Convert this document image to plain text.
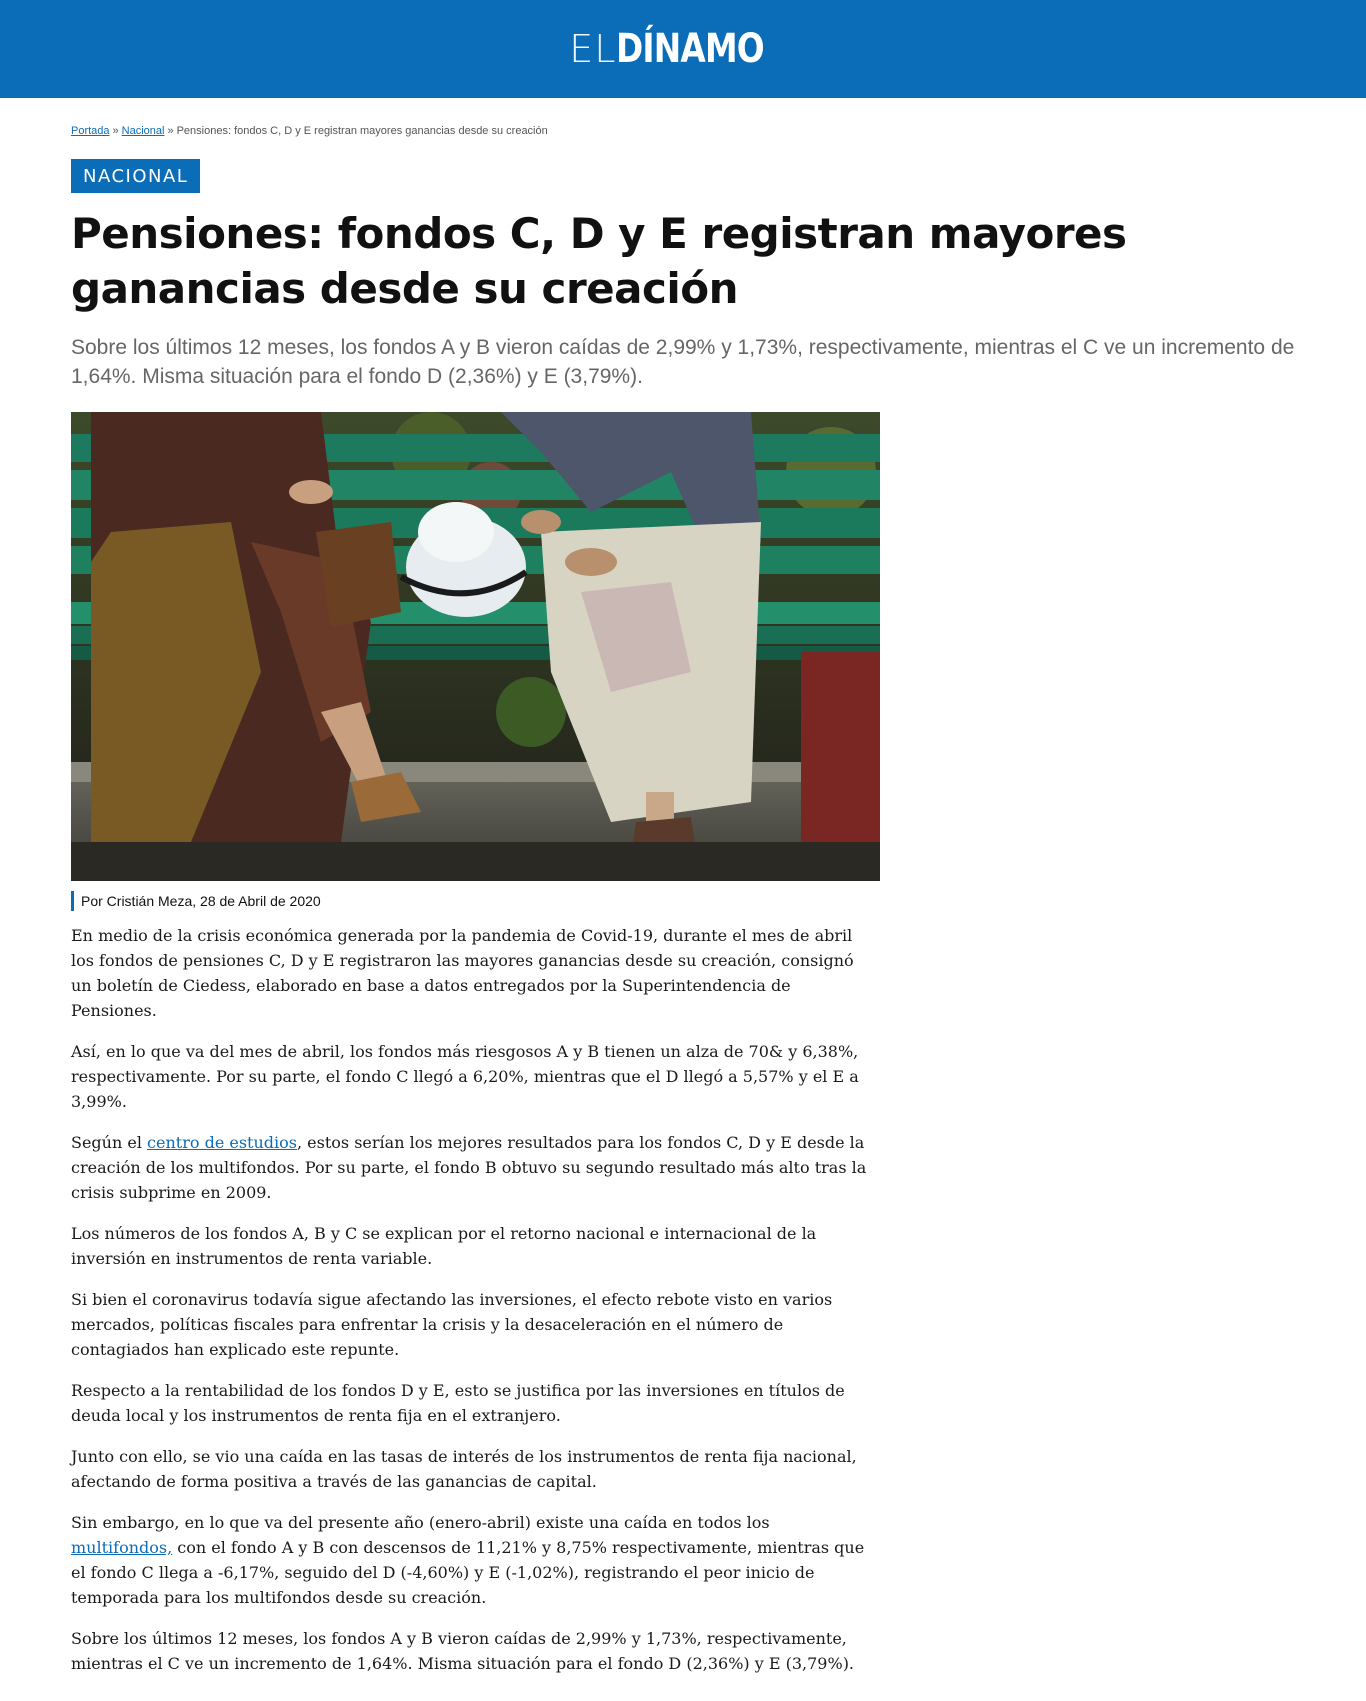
EL DÍNAMO
Portada » Nacional » Pensiones: fondos C, D y E registran mayores ganancias desde su creación
NACIONAL
Pensiones: fondos C, D y E registran mayores ganancias desde su creación

Sobre los últimos 12 meses, los fondos A y B vieron caídas de 2,99% y 1,73%, respectivamente, mientras el C ve un incremento de 1,64%. Misma situación para el fondo D (2,36%) y E (3,79%).

Por Cristián Meza, 28 de Abril de 2020

En medio de la crisis económica generada por la pandemia de Covid-19, durante el mes de abril los fondos de pensiones C, D y E registraron las mayores ganancias desde su creación, consignó un boletín de Ciedess, elaborado en base a datos entregados por la Superintendencia de Pensiones.

Así, en lo que va del mes de abril, los fondos más riesgosos A y B tienen un alza de 70& y 6,38%, respectivamente. Por su parte, el fondo C llegó a 6,20%, mientras que el D llegó a 5,57% y el E a 3,99%.

Según el centro de estudios, estos serían los mejores resultados para los fondos C, D y E desde la creación de los multifondos. Por su parte, el fondo B obtuvo su segundo resultado más alto tras la crisis subprime en 2009.

Los números de los fondos A, B y C se explican por el retorno nacional e internacional de la inversión en instrumentos de renta variable.

Si bien el coronavirus todavía sigue afectando las inversiones, el efecto rebote visto en varios mercados, políticas fiscales para enfrentar la crisis y la desaceleración en el número de contagiados han explicado este repunte.

Respecto a la rentabilidad de los fondos D y E, esto se justifica por las inversiones en títulos de deuda local y los instrumentos de renta fija en el extranjero.

Junto con ello, se vio una caída en las tasas de interés de los instrumentos de renta fija nacional, afectando de forma positiva a través de las ganancias de capital.

Sin embargo, en lo que va del presente año (enero-abril) existe una caída en todos los multifondos, con el fondo A y B con descensos de 11,21% y 8,75% respectivamente, mientras que el fondo C llega a -6,17%, seguido del D (-4,60%) y E (-1,02%), registrando el peor inicio de temporada para los multifondos desde su creación.

Sobre los últimos 12 meses, los fondos A y B vieron caídas de 2,99% y 1,73%, respectivamente, mientras el C ve un incremento de 1,64%. Misma situación para el fondo D (2,36%) y E (3,79%).
